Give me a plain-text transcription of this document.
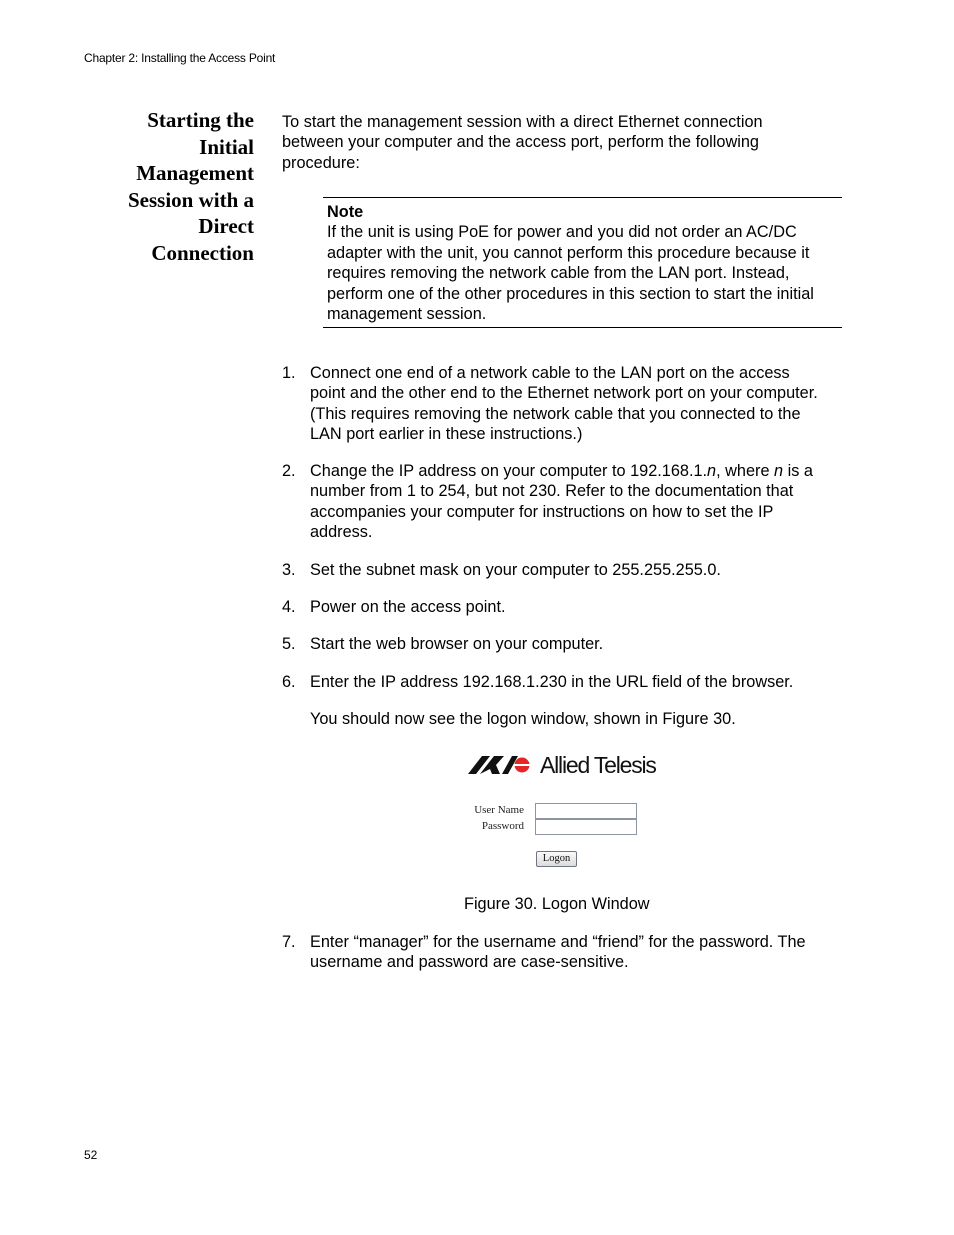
Chapter 2: Installing the Access Point
Starting the
Initial
Management
Session with a
Direct
Connection
To start the management session with a direct Ethernet connection
between your computer and the access port, perform the following
procedure:
Note
If the unit is using PoE for power and you did not order an AC/DC
adapter with the unit, you cannot perform this procedure because it
requires removing the network cable from the LAN port. Instead,
perform one of the other procedures in this section to start the initial
management session.
1. Connect one end of a network cable to the LAN port on the access
point and the other end to the Ethernet network port on your computer.
(This requires removing the network cable that you connected to the
LAN port earlier in these instructions.)
2. Change the IP address on your computer to 192.168.1.n, where n is a
number from 1 to 254, but not 230. Refer to the documentation that
accompanies your computer for instructions on how to set the IP
address.
3. Set the subnet mask on your computer to 255.255.255.0.
4. Power on the access point.
5. Start the web browser on your computer.
6. Enter the IP address 192.168.1.230 in the URL field of the browser.
You should now see the logon window, shown in Figure 30.
Allied Telesis
User Name
Password
Logon
Figure 30. Logon Window
7. Enter “manager” for the username and “friend” for the password. The
username and password are case-sensitive.
52
